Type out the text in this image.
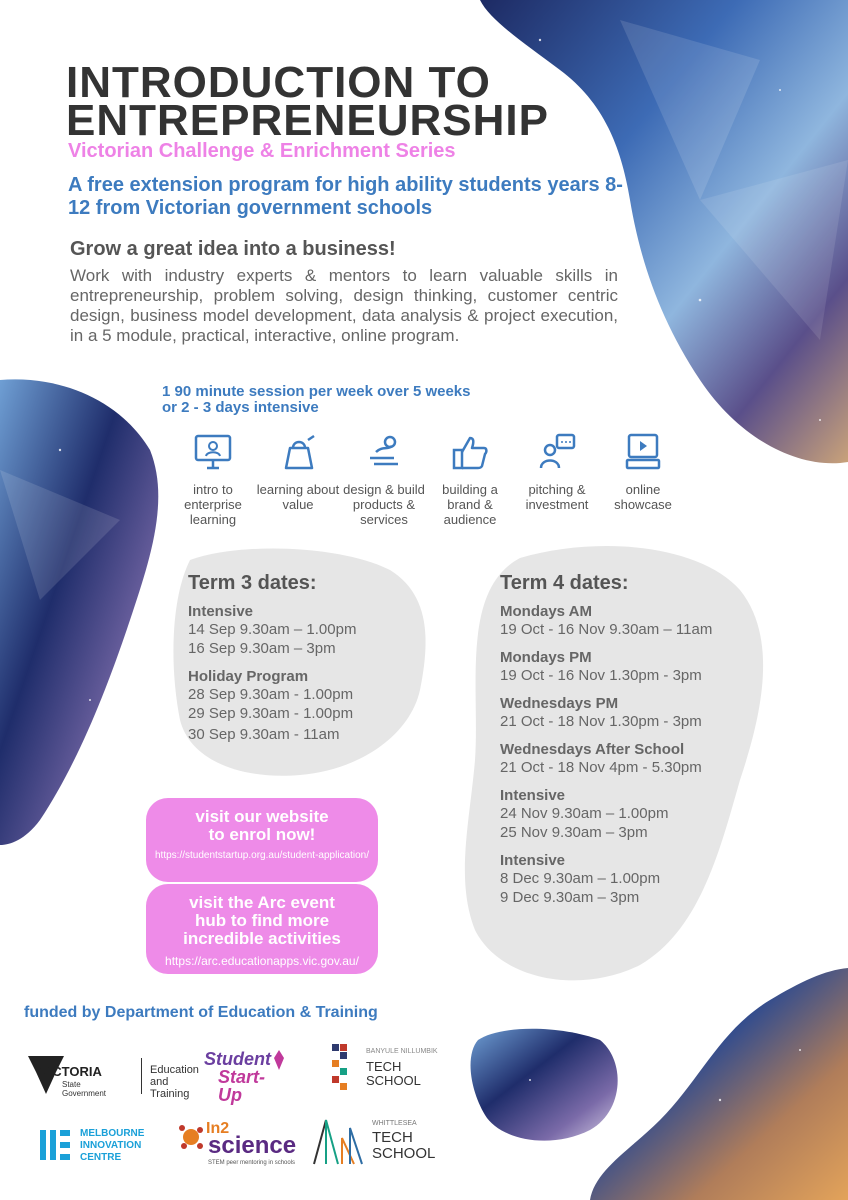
INTRODUCTION TO ENTREPRENEURSHIP
Victorian Challenge & Enrichment Series
A free extension program for high ability students years 8-12 from Victorian government schools
Grow a great idea into a business!
Work with industry experts & mentors to learn valuable skills in entrepreneurship, problem solving, design thinking, customer centric design, business model development, data analysis & project execution, in a 5 module, practical, interactive, online program.
1 90 minute session per week over 5 weeks
or 2 - 3 days intensive
intro to enterprise learning
learning about value
design & build products & services
building a brand & audience
pitching & investment
online showcase
Term 3 dates:
Intensive
14 Sep 9.30am – 1.00pm
16 Sep 9.30am – 3pm
Holiday Program
28 Sep 9.30am - 1.00pm
29 Sep 9.30am - 1.00pm
30 Sep 9.30am - 11am
Term 4 dates:
Mondays AM
19 Oct - 16 Nov 9.30am – 11am
Mondays PM
19 Oct - 16 Nov 1.30pm - 3pm
Wednesdays PM
21 Oct - 18 Nov 1.30pm - 3pm
Wednesdays After School
21 Oct - 18 Nov 4pm - 5.30pm
Intensive
24 Nov 9.30am – 1.00pm
25 Nov 9.30am – 3pm
Intensive
8 Dec 9.30am – 1.00pm
9 Dec 9.30am – 3pm
visit our website
to enrol now!
https://studentstartup.org.au/student-application/
visit the Arc event
hub to find more
incredible activities
https://arc.educationapps.vic.gov.au/
funded by Department of Education & Training
VICTORIA
State Government
Education
and Training
Student
Start-Up
BANYULE NILLUMBIK
TECH
SCHOOL
MELBOURNE
INNOVATION
CENTRE
In2
science
STEM peer mentoring in schools
WHITTLESEA
TECH
SCHOOL
